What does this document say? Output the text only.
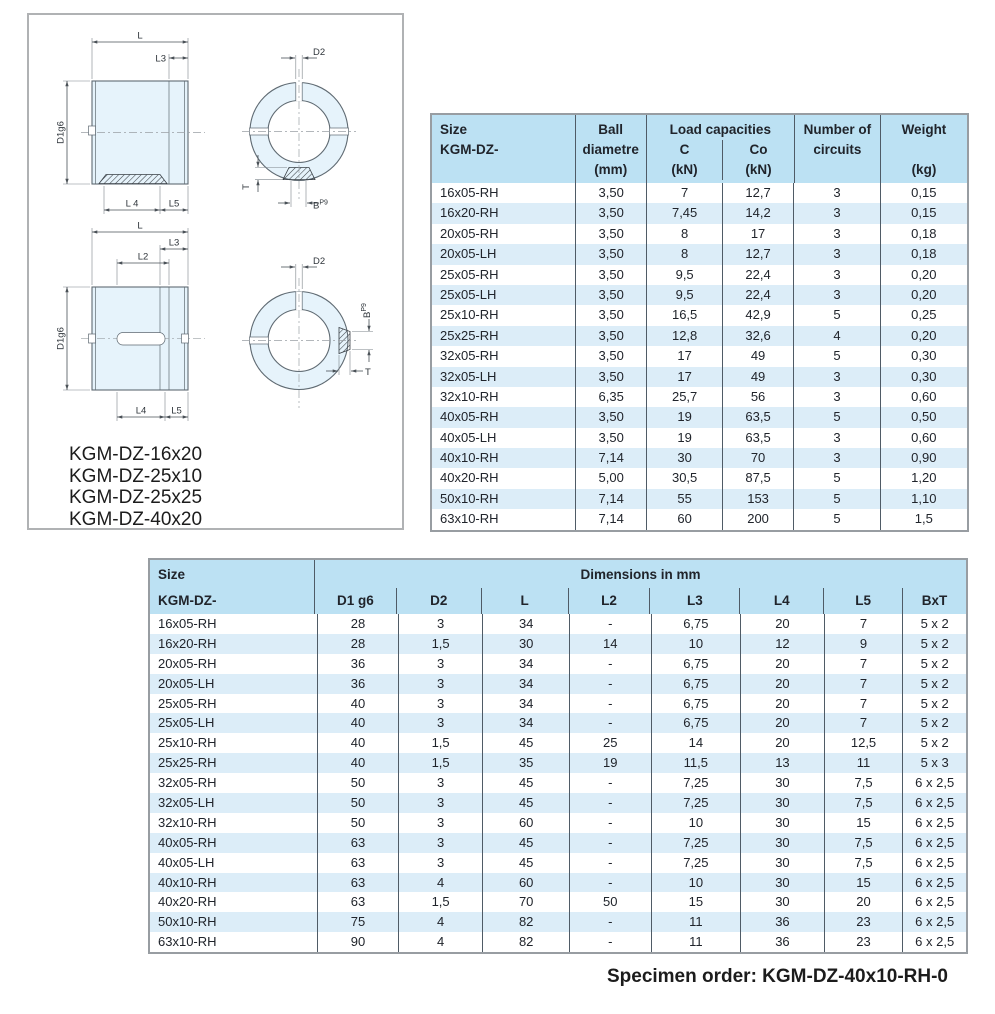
L
L3
D1g6
L 4	L5
D2
T
$B^{P9}$
L
L3
L2
D1g6
L4	L5
D2
$B^{P9}$
T
KGM-DZ-16x20
KGM-DZ-25x10
KGM-DZ-25x25
KGM-DZ-40x20
Size
KGM-DZ-
Ball
diametre
(mm)
Load capacities
C
(kN)
Co
(kN)
Number of
circuits
Weight
(kg)
16x05-RH	3,50	7	12,7	3	0,15
16x20-RH	3,50	7,45	14,2	3	0,15
20x05-RH	3,50	8	17	3	0,18
20x05-LH	3,50	8	12,7	3	0,18
25x05-RH	3,50	9,5	22,4	3	0,20
25x05-LH	3,50	9,5	22,4	3	0,20
25x10-RH	3,50	16,5	42,9	5	0,25
25x25-RH	3,50	12,8	32,6	4	0,20
32x05-RH	3,50	17	49	5	0,30
32x05-LH	3,50	17	49	3	0,30
32x10-RH	6,35	25,7	56	3	0,60
40x05-RH	3,50	19	63,5	5	0,50
40x05-LH	3,50	19	63,5	3	0,60
40x10-RH	7,14	30	70	3	0,90
40x20-RH	5,00	30,5	87,5	5	1,20
50x10-RH	7,14	55	153	5	1,10
63x10-RH	7,14	60	200	5	1,5
Size
KGM-DZ-
Dimensions in mm
D1 g6	D2	L	L2	L3	L4	L5	BxT
16x05-RH	28	3	34	-	6,75	20	7	5 x 2
16x20-RH	28	1,5	30	14	10	12	9	5 x 2
20x05-RH	36	3	34	-	6,75	20	7	5 x 2
20x05-LH	36	3	34	-	6,75	20	7	5 x 2
25x05-RH	40	3	34	-	6,75	20	7	5 x 2
25x05-LH	40	3	34	-	6,75	20	7	5 x 2
25x10-RH	40	1,5	45	25	14	20	12,5	5 x 2
25x25-RH	40	1,5	35	19	11,5	13	11	5 x 3
32x05-RH	50	3	45	-	7,25	30	7,5	6 x 2,5
32x05-LH	50	3	45	-	7,25	30	7,5	6 x 2,5
32x10-RH	50	3	60	-	10	30	15	6 x 2,5
40x05-RH	63	3	45	-	7,25	30	7,5	6 x 2,5
40x05-LH	63	3	45	-	7,25	30	7,5	6 x 2,5
40x10-RH	63	4	60	-	10	30	15	6 x 2,5
40x20-RH	63	1,5	70	50	15	30	20	6 x 2,5
50x10-RH	75	4	82	-	11	36	23	6 x 2,5
63x10-RH	90	4	82	-	11	36	23	6 x 2,5
Specimen order: KGM-DZ-40x10-RH-0
